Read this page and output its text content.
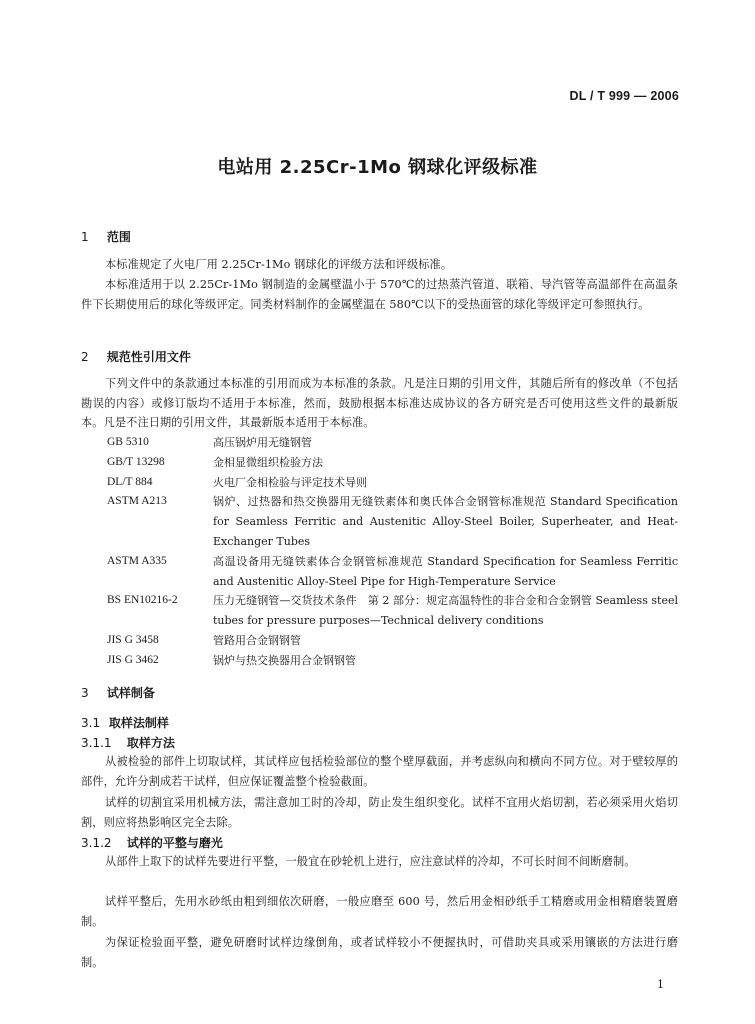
DL / T 999 — 2006
电站用 2.25Cr-1Mo 钢球化评级标准
1 范围
本标准规定了火电厂用 2.25Cr-1Mo 钢球化的评级方法和评级标准。
本标准适用于以 2.25Cr-1Mo 钢制造的金属壁温小于 570℃的过热蒸汽管道、联箱、导汽管等高温部件在高温条件下长期使用后的球化等级评定。同类材料制作的金属壁温在 580℃以下的受热面管的球化等级评定可参照执行。
2 规范性引用文件
下列文件中的条款通过本标准的引用而成为本标准的条款。凡是注日期的引用文件，其随后所有的修改单（不包括勘误的内容）或修订版均不适用于本标准，然而，鼓励根据本标准达成协议的各方研究是否可使用这些文件的最新版本。凡是不注日期的引用文件，其最新版本适用于本标准。
GB 5310	高压锅炉用无缝钢管
GB/T 13298	金相显微组织检验方法
DL/T 884	火电厂金相检验与评定技术导则
ASTM A213	锅炉、过热器和热交换器用无缝铁素体和奥氏体合金钢管标准规范 Standard Specification for Seamless Ferritic and Austenitic Alloy-Steel Boiler, Superheater, and Heat-Exchanger Tubes
ASTM A335	高温设备用无缝铁素体合金钢管标准规范 Standard Specification for Seamless Ferritic and Austenitic Alloy-Steel Pipe for High-Temperature Service
BS EN10216-2	压力无缝钢管—交货技术条件　第 2 部分：规定高温特性的非合金和合金钢管 Seamless steel tubes for pressure purposes—Technical delivery conditions
JIS G 3458	管路用合金钢钢管
JIS G 3462	锅炉与热交换器用合金钢钢管
3 试样制备
3.1 取样法制样
3.1.1 取样方法
从被检验的部件上切取试样，其试样应包括检验部位的整个壁厚截面，并考虑纵向和横向不同方位。对于壁较厚的部件，允许分割成若干试样，但应保证覆盖整个检验截面。
试样的切割宜采用机械方法，需注意加工时的冷却，防止发生组织变化。试样不宜用火焰切割，若必须采用火焰切割，则应将热影响区完全去除。
3.1.2 试样的平整与磨光
从部件上取下的试样先要进行平整，一般宜在砂轮机上进行，应注意试样的冷却，不可长时间不间断磨制。
试样平整后，先用水砂纸由粗到细依次研磨，一般应磨至 600 号，然后用金相砂纸手工精磨或用金相精磨装置磨制。
为保证检验面平整，避免研磨时试样边缘倒角，或者试样较小不便握执时，可借助夹具或采用镶嵌的方法进行磨制。
1
